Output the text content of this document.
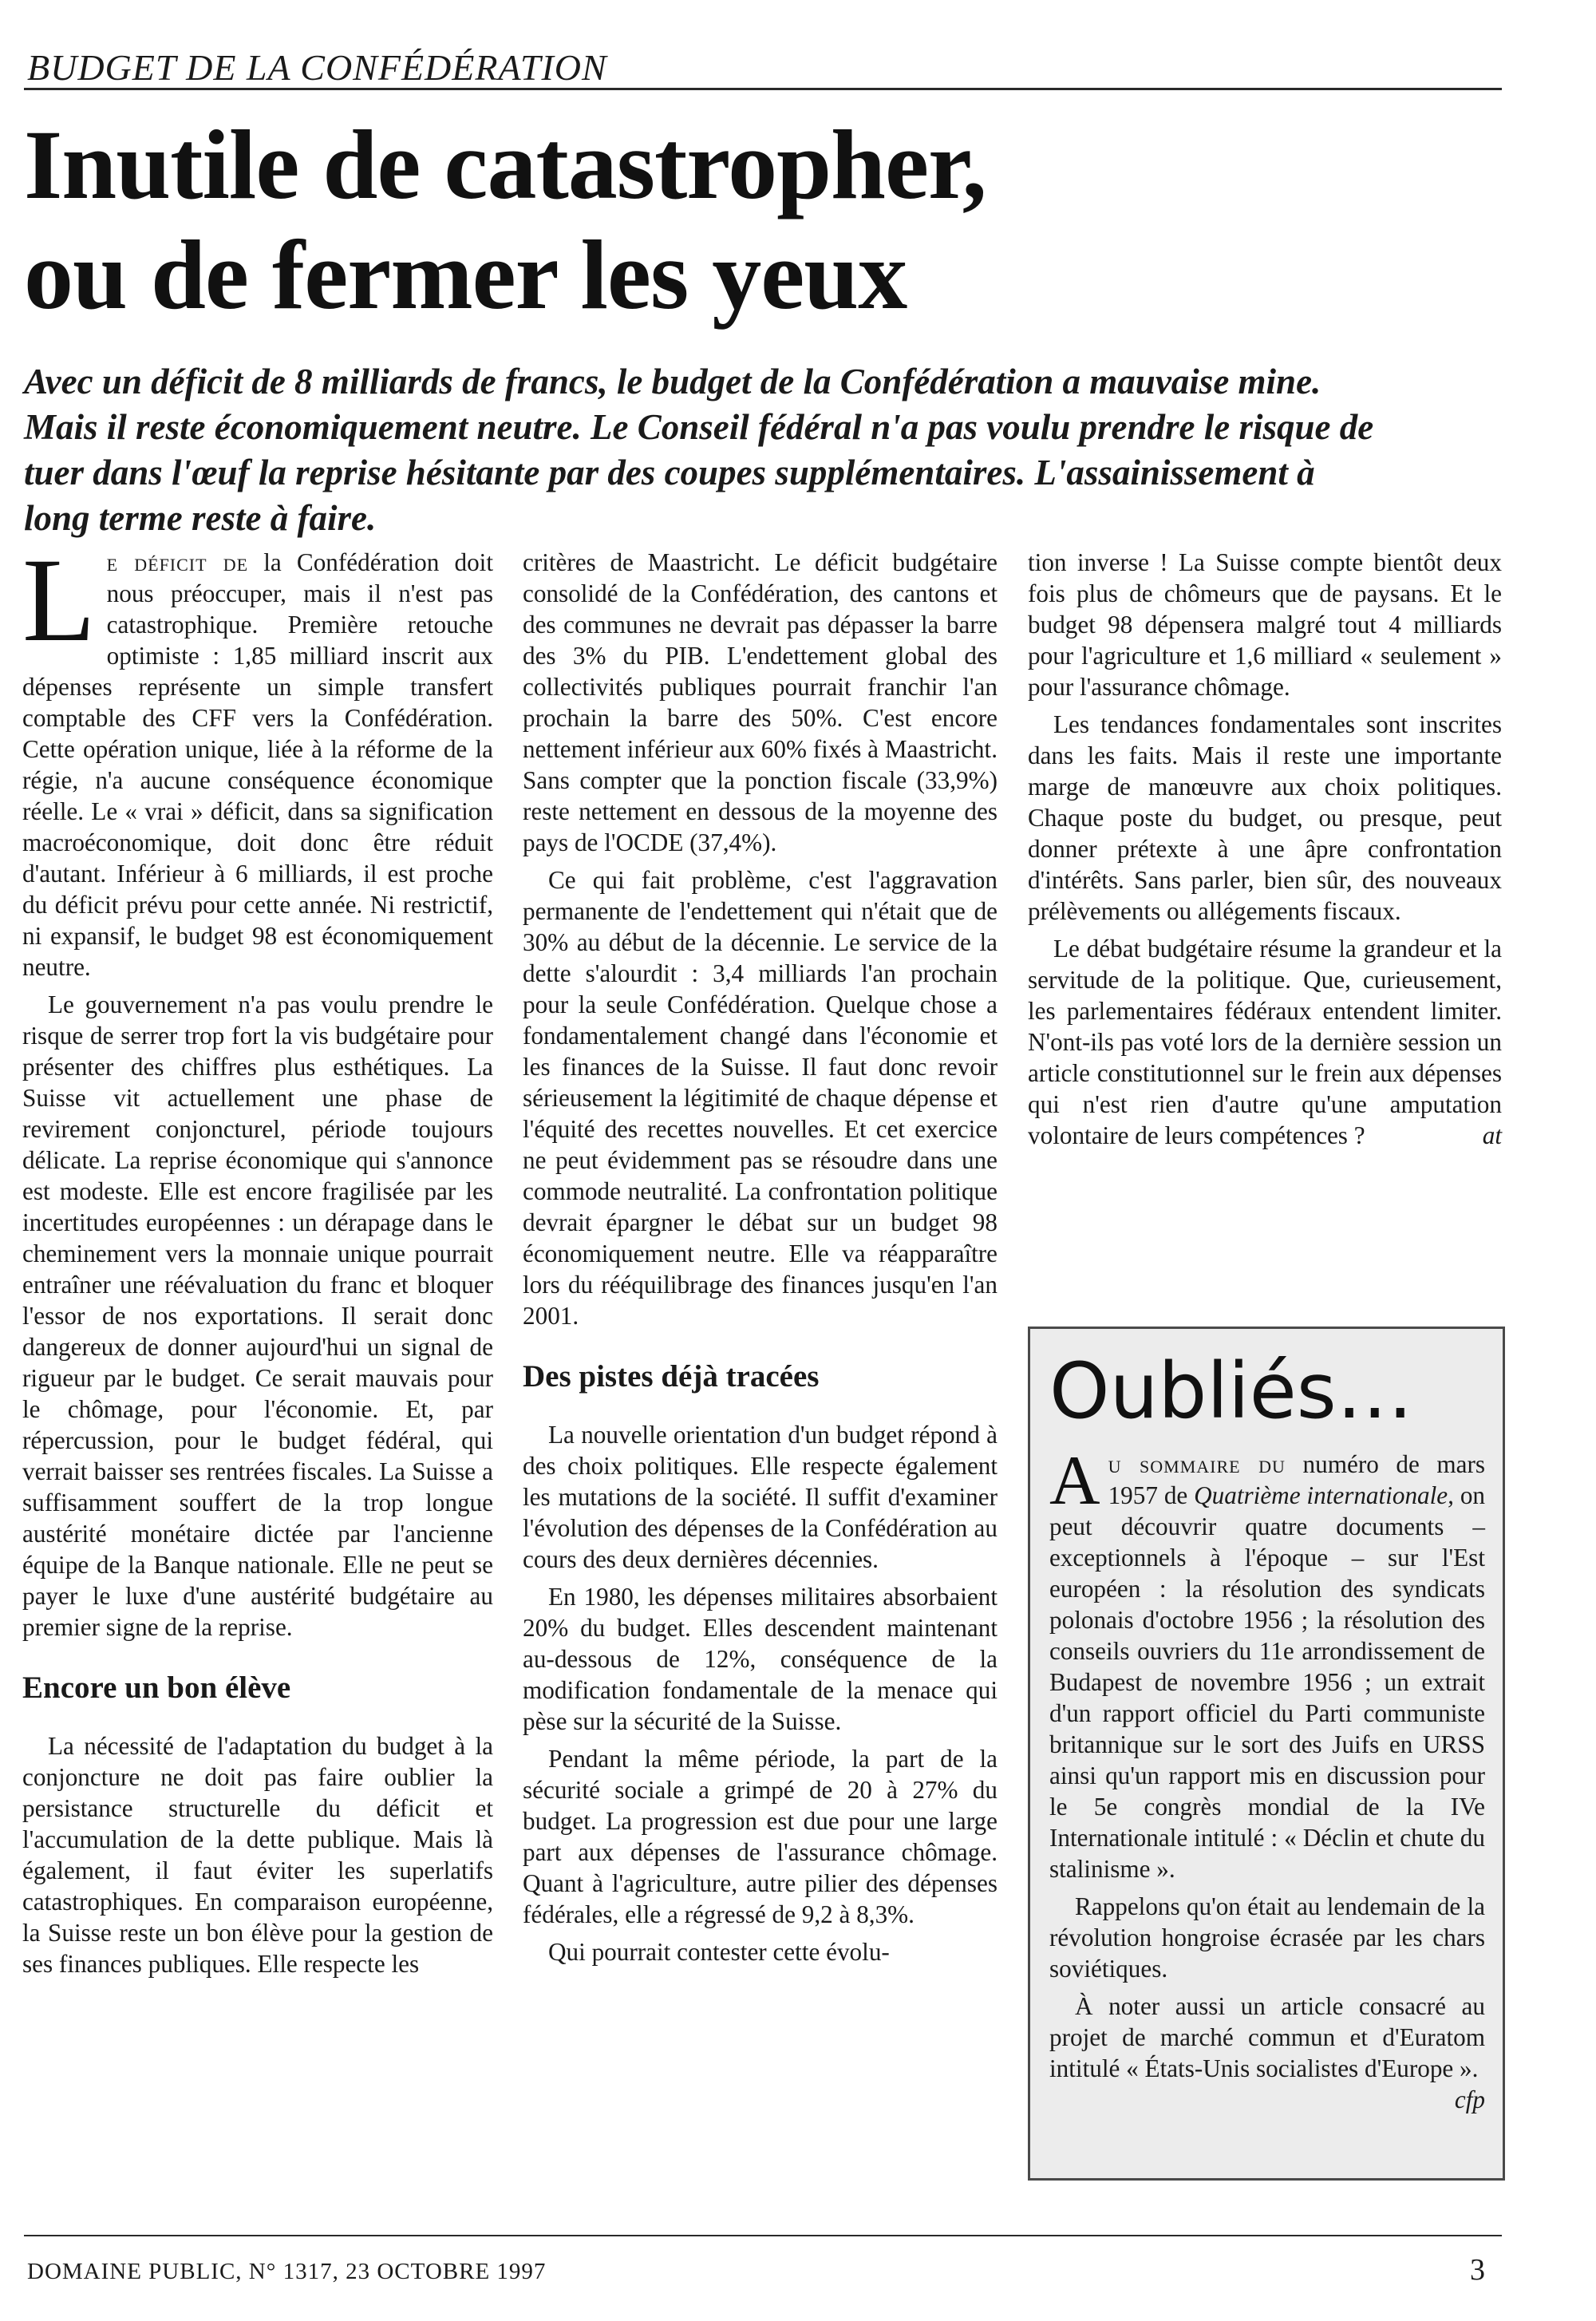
BUDGET DE LA CONFÉDÉRATION
Inutile de catastropher,
ou de fermer les yeux

Avec un déficit de 8 milliards de francs, le budget de la Confédération a mauvaise mine. Mais il reste économiquement neutre. Le Conseil fédéral n'a pas voulu prendre le risque de tuer dans l'œuf la reprise hésitante par des coupes supplémentaires. L'assainissement à long terme reste à faire.

Le déficit de la Confédération doit nous préoccuper, mais il n'est pas catastrophique. Première retouche optimiste : 1,85 milliard inscrit aux dépenses représente un simple transfert comptable des CFF vers la Confédération. Cette opération unique, liée à la réforme de la régie, n'a aucune conséquence économique réelle. Le « vrai » déficit, dans sa signification macroéconomique, doit donc être réduit d'autant. Inférieur à 6 milliards, il est proche du déficit prévu pour cette année. Ni restrictif, ni expansif, le budget 98 est économiquement neutre.

Le gouvernement n'a pas voulu prendre le risque de serrer trop fort la vis budgétaire pour présenter des chiffres plus esthétiques. La Suisse vit actuellement une phase de revirement conjoncturel, période toujours délicate. La reprise économique qui s'annonce est modeste. Elle est encore fragilisée par les incertitudes européennes : un dérapage dans le cheminement vers la monnaie unique pourrait entraîner une réévaluation du franc et bloquer l'essor de nos exportations. Il serait donc dangereux de donner aujourd'hui un signal de rigueur par le budget. Ce serait mauvais pour le chômage, pour l'économie. Et, par répercussion, pour le budget fédéral, qui verrait baisser ses rentrées fiscales. La Suisse a suffisamment souffert de la trop longue austérité monétaire dictée par l'ancienne équipe de la Banque nationale. Elle ne peut se payer le luxe d'une austérité budgétaire au premier signe de la reprise.

Encore un bon élève

La nécessité de l'adaptation du budget à la conjoncture ne doit pas faire oublier la persistance structurelle du déficit et l'accumulation de la dette publique. Mais là également, il faut éviter les superlatifs catastrophiques. En comparaison européenne, la Suisse reste un bon élève pour la gestion de ses finances publiques. Elle respecte les

critères de Maastricht. Le déficit budgétaire consolidé de la Confédération, des cantons et des communes ne devrait pas dépasser la barre des 3% du PIB. L'endettement global des collectivités publiques pourrait franchir l'an prochain la barre des 50%. C'est encore nettement inférieur aux 60% fixés à Maastricht. Sans compter que la ponction fiscale (33,9%) reste nettement en dessous de la moyenne des pays de l'OCDE (37,4%).

Ce qui fait problème, c'est l'aggravation permanente de l'endettement qui n'était que de 30% au début de la décennie. Le service de la dette s'alourdit : 3,4 milliards l'an prochain pour la seule Confédération. Quelque chose a fondamentalement changé dans l'économie et les finances de la Suisse. Il faut donc revoir sérieusement la légitimité de chaque dépense et l'équité des recettes nouvelles. Et cet exercice ne peut évidemment pas se résoudre dans une commode neutralité. La confrontation politique devrait épargner le débat sur un budget 98 économiquement neutre. Elle va réapparaître lors du rééquilibrage des finances jusqu'en l'an 2001.

Des pistes déjà tracées

La nouvelle orientation d'un budget répond à des choix politiques. Elle respecte également les mutations de la société. Il suffit d'examiner l'évolution des dépenses de la Confédération au cours des deux dernières décennies.

En 1980, les dépenses militaires absorbaient 20% du budget. Elles descendent maintenant au-dessous de 12%, conséquence de la modification fondamentale de la menace qui pèse sur la sécurité de la Suisse.

Pendant la même période, la part de la sécurité sociale a grimpé de 20 à 27% du budget. La progression est due pour une large part aux dépenses de l'assurance chômage. Quant à l'agriculture, autre pilier des dépenses fédérales, elle a régressé de 9,2 à 8,3%.

Qui pourrait contester cette évolu-

tion inverse ! La Suisse compte bientôt deux fois plus de chômeurs que de paysans. Et le budget 98 dépensera malgré tout 4 milliards pour l'agriculture et 1,6 milliard « seulement » pour l'assurance chômage.

Les tendances fondamentales sont inscrites dans les faits. Mais il reste une importante marge de manœuvre aux choix politiques. Chaque poste du budget, ou presque, peut donner prétexte à une âpre confrontation d'intérêts. Sans parler, bien sûr, des nouveaux prélèvements ou allégements fiscaux.

Le débat budgétaire résume la grandeur et la servitude de la politique. Que, curieusement, les parlementaires fédéraux entendent limiter. N'ont-ils pas voté lors de la dernière session un article constitutionnel sur le frein aux dépenses qui n'est rien d'autre qu'une amputation volontaire de leurs compétences ?	at

Oubliés…

Au sommaire du numéro de mars 1957 de Quatrième internationale, on peut découvrir quatre documents – exceptionnels à l'époque – sur l'Est européen : la résolution des syndicats polonais d'octobre 1956 ; la résolution des conseils ouvriers du 11e arrondissement de Budapest de novembre 1956 ; un extrait d'un rapport officiel du Parti communiste britannique sur le sort des Juifs en URSS ainsi qu'un rapport mis en discussion pour le 5e congrès mondial de la IVe Internationale intitulé : « Déclin et chute du stalinisme ».

Rappelons qu'on était au lendemain de la révolution hongroise écrasée par les chars soviétiques.

À noter aussi un article consacré au projet de marché commun et d'Euratom intitulé « États-Unis socialistes d'Europe ».
cfp

DOMAINE PUBLIC, N° 1317, 23 OCTOBRE 1997	3
